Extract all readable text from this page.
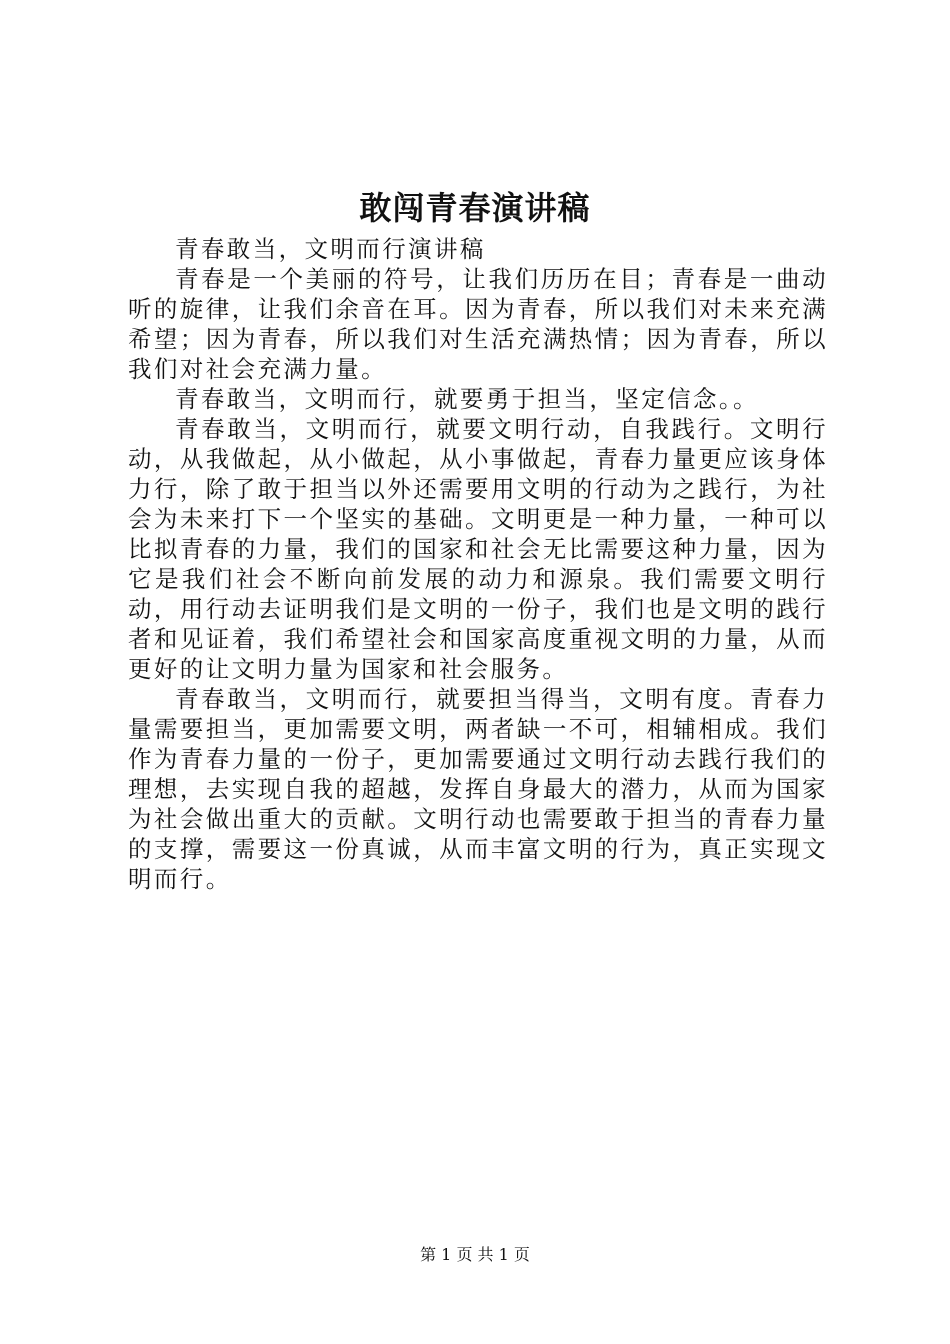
敢闯青春演讲稿

青春敢当，文明而行演讲稿

青春是一个美丽的符号，让我们历历在目；青春是一曲动听的旋律，让我们余音在耳。因为青春，所以我们对未来充满希望；因为青春，所以我们对生活充满热情；因为青春，所以我们对社会充满力量。

青春敢当，文明而行，就要勇于担当，坚定信念。。

青春敢当，文明而行，就要文明行动，自我践行。文明行动，从我做起，从小做起，从小事做起，青春力量更应该身体力行，除了敢于担当以外还需要用文明的行动为之践行，为社会为未来打下一个坚实的基础。文明更是一种力量，一种可以比拟青春的力量，我们的国家和社会无比需要这种力量，因为它是我们社会不断向前发展的动力和源泉。我们需要文明行动，用行动去证明我们是文明的一份子，我们也是文明的践行者和见证着，我们希望社会和国家高度重视文明的力量，从而更好的让文明力量为国家和社会服务。

青春敢当，文明而行，就要担当得当，文明有度。青春力量需要担当，更加需要文明，两者缺一不可，相辅相成。我们作为青春力量的一份子，更加需要通过文明行动去践行我们的理想，去实现自我的超越，发挥自身最大的潜力，从而为国家为社会做出重大的贡献。文明行动也需要敢于担当的青春力量的支撑，需要这一份真诚，从而丰富文明的行为，真正实现文明而行。

第 1 页 共 1 页
